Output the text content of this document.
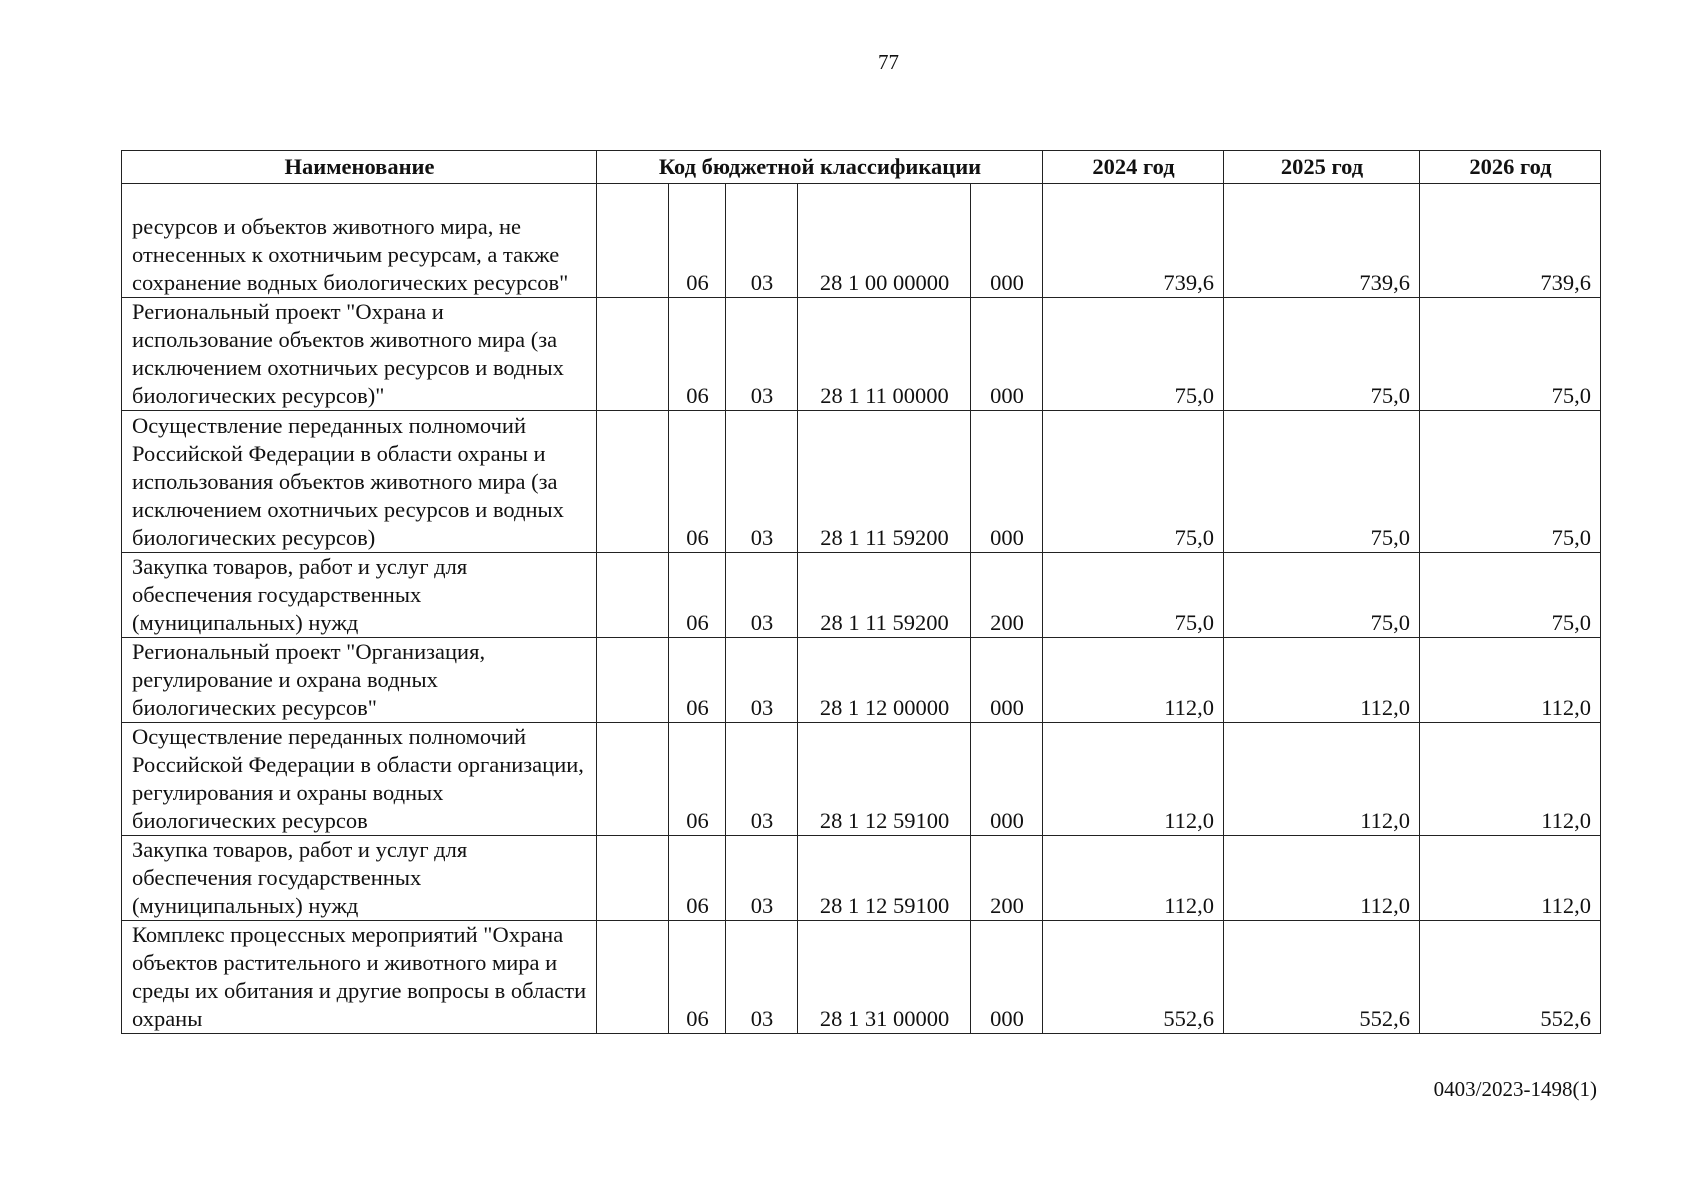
77
Наименование	Код бюджетной классификации					2024 год	2025 год	2026 год
ресурсов и объектов животного мира, не отнесенных к охотничьим ресурсам, а также сохранение водных биологических ресурсов"		06	03	28 1 00 00000	000	739,6	739,6	739,6
Региональный проект "Охрана и использование объектов животного мира (за исключением охотничьих ресурсов и водных биологических ресурсов)"		06	03	28 1 11 00000	000	75,0	75,0	75,0
Осуществление переданных полномочий Российской Федерации в области охраны и использования объектов животного мира (за исключением охотничьих ресурсов и водных биологических ресурсов)		06	03	28 1 11 59200	000	75,0	75,0	75,0
Закупка товаров, работ и услуг для обеспечения государственных (муниципальных) нужд		06	03	28 1 11 59200	200	75,0	75,0	75,0
Региональный проект "Организация, регулирование и охрана водных биологических ресурсов"		06	03	28 1 12 00000	000	112,0	112,0	112,0
Осуществление переданных полномочий Российской Федерации в области организации, регулирования и охраны водных биологических ресурсов		06	03	28 1 12 59100	000	112,0	112,0	112,0
Закупка товаров, работ и услуг для обеспечения государственных (муниципальных) нужд		06	03	28 1 12 59100	200	112,0	112,0	112,0
Комплекс процессных мероприятий "Охрана объектов растительного и животного мира и среды их обитания и другие вопросы в области охраны		06	03	28 1 31 00000	000	552,6	552,6	552,6
0403/2023-1498(1)
